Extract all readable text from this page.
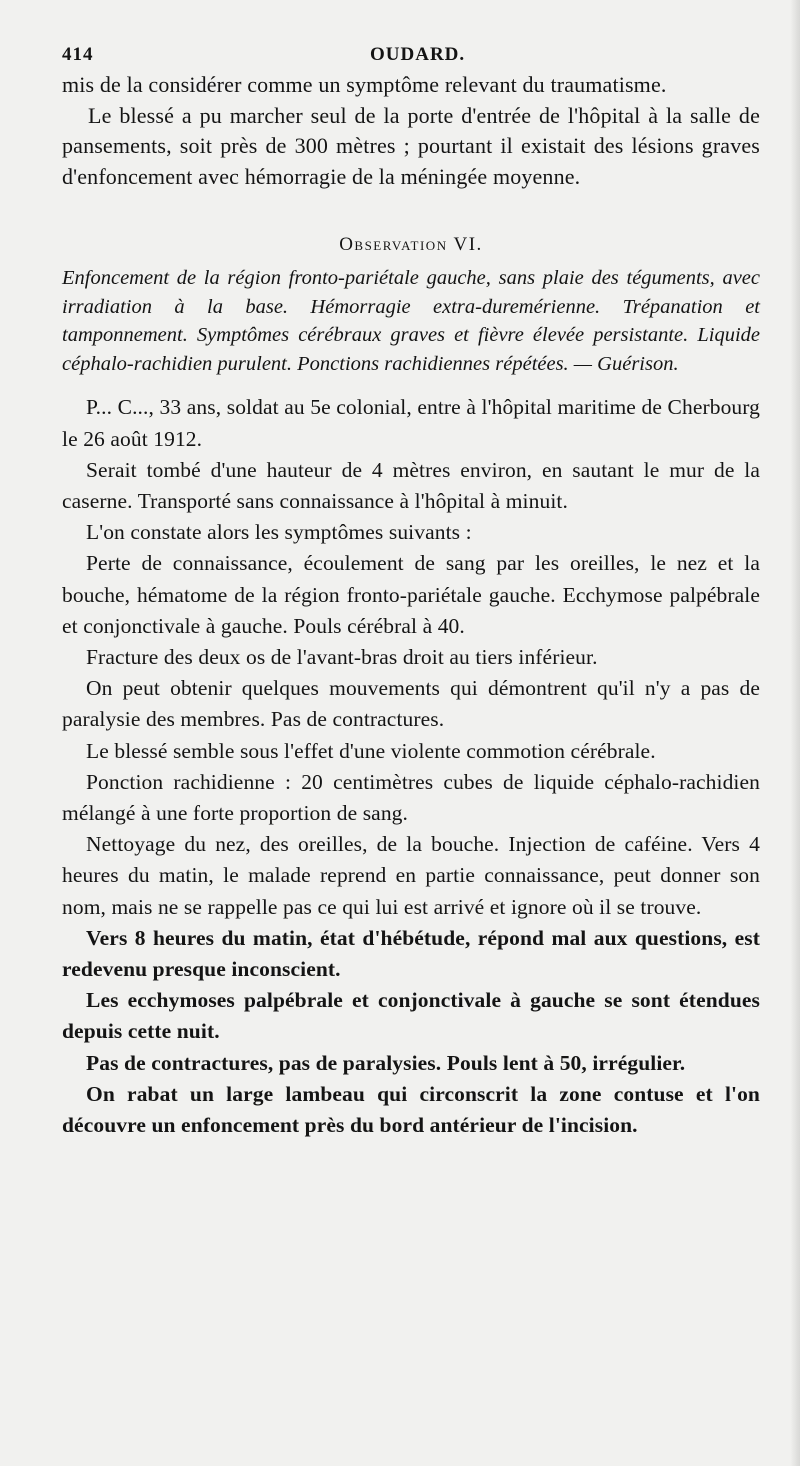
414	OUDARD.

mis de la considérer comme un symptôme relevant du traumatisme.

Le blessé a pu marcher seul de la porte d'entrée de l'hôpital à la salle de pansements, soit près de 300 mètres ; pourtant il existait des lésions graves d'enfoncement avec hémorragie de la méningée moyenne.

Observation VI.

Enfoncement de la région fronto-pariétale gauche, sans plaie des téguments, avec irradiation à la base. Hémorragie extra-duremérienne. Trépanation et tamponnement. Symptômes cérébraux graves et fièvre élevée persistante. Liquide céphalo-rachidien purulent. Ponctions rachidiennes répétées. — Guérison.

P... C..., 33 ans, soldat au 5e colonial, entre à l'hôpital maritime de Cherbourg le 26 août 1912.

Serait tombé d'une hauteur de 4 mètres environ, en sautant le mur de la caserne. Transporté sans connaissance à l'hôpital à minuit.

L'on constate alors les symptômes suivants :

Perte de connaissance, écoulement de sang par les oreilles, le nez et la bouche, hématome de la région fronto-pariétale gauche. Ecchymose palpébrale et conjonctivale à gauche. Pouls cérébral à 40.

Fracture des deux os de l'avant-bras droit au tiers inférieur.

On peut obtenir quelques mouvements qui démontrent qu'il n'y a pas de paralysie des membres. Pas de contractures.

Le blessé semble sous l'effet d'une violente commotion cérébrale.

Ponction rachidienne : 20 centimètres cubes de liquide céphalo-rachidien mélangé à une forte proportion de sang.

Nettoyage du nez, des oreilles, de la bouche. Injection de caféine. Vers 4 heures du matin, le malade reprend en partie connaissance, peut donner son nom, mais ne se rappelle pas ce qui lui est arrivé et ignore où il se trouve.

Vers 8 heures du matin, état d'hébétude, répond mal aux questions, est redevenu presque inconscient.

Les ecchymoses palpébrale et conjonctivale à gauche se sont étendues depuis cette nuit.

Pas de contractures, pas de paralysies. Pouls lent à 50, irrégulier.

On rabat un large lambeau qui circonscrit la zone contuse et l'on découvre un enfoncement près du bord antérieur de l'incision.
